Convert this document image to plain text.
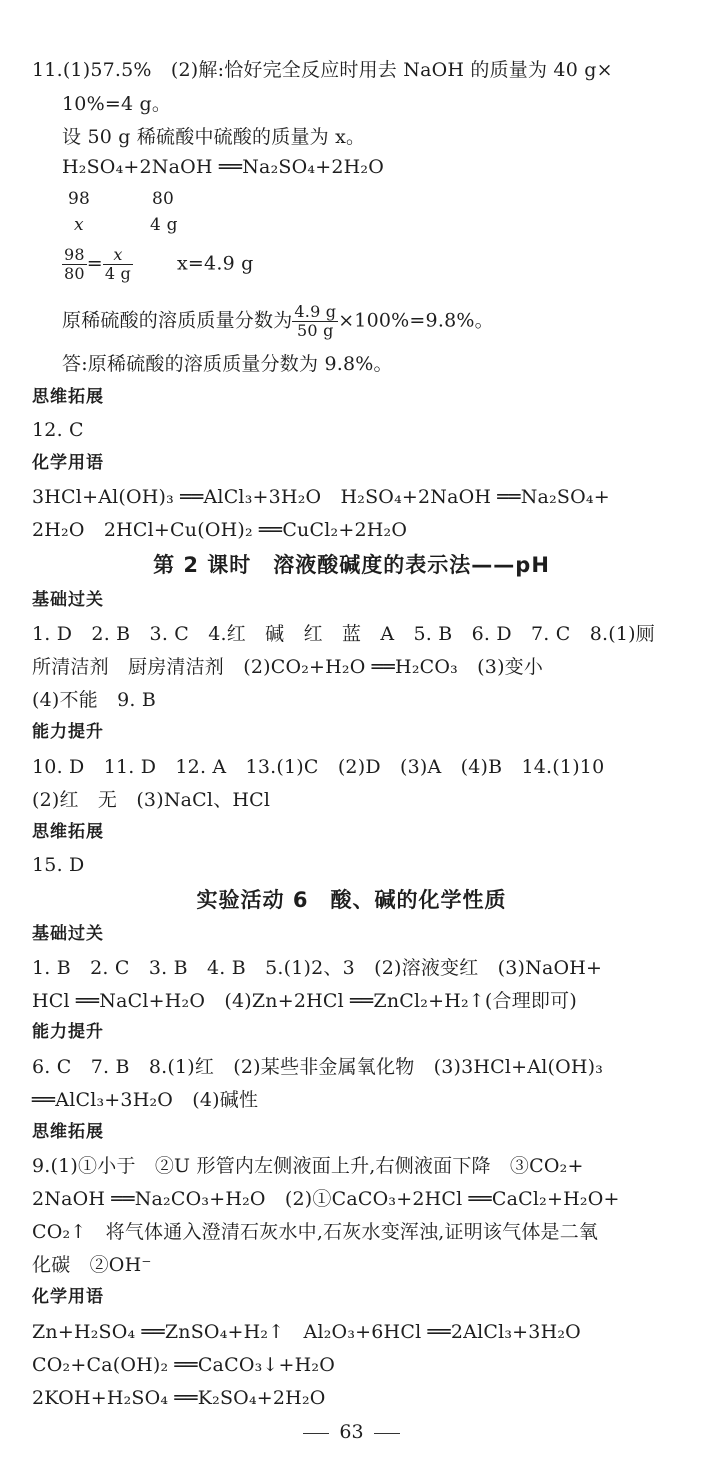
11.(1)57.5%　(2)解:恰好完全反应时用去 NaOH 的质量为 40 g×
10%=4 g。
设 50 g 稀硫酸中硫酸的质量为 x。
H₂SO₄+2NaOH ══Na₂SO₄+2H₂O
98	80
x	4 g
$\frac{98}{80} = \frac{x}{4 g} x=4.9$ g
原稀硫酸的溶质质量分数为 $\frac{4.9 g}{50 g} \times 100\%=9.8\%$。
答:原稀硫酸的溶质质量分数为 9.8%。
思维拓展
12. C
化学用语
3HCl+Al(OH)₃ ══AlCl₃+3H₂O　H₂SO₄+2NaOH ══Na₂SO₄+
2H₂O　2HCl+Cu(OH)₂ ══CuCl₂+2H₂O
第 2 课时　溶液酸碱度的表示法——pH
基础过关
1. D　2. B　3. C　4.红　碱　红　蓝　A　5. B　6. D　7. C　8.(1)厕
所清洁剂　厨房清洁剂　(2)CO₂+H₂O ══H₂CO₃　(3)变小
(4)不能　9. B
能力提升
10. D　11. D　12. A　13.(1)C　(2)D　(3)A　(4)B　14.(1)10
(2)红　无　(3)NaCl、HCl
思维拓展
15. D
实验活动 6　酸、碱的化学性质
基础过关
1. B　2. C　3. B　4. B　5.(1)2、3　(2)溶液变红　(3)NaOH+
HCl ══NaCl+H₂O　(4)Zn+2HCl ══ZnCl₂+H₂↑(合理即可)
能力提升
6. C　7. B　8.(1)红　(2)某些非金属氧化物　(3)3HCl+Al(OH)₃
══AlCl₃+3H₂O　(4)碱性
思维拓展
9.(1)①小于　②U 形管内左侧液面上升,右侧液面下降　③CO₂+
2NaOH ══Na₂CO₃+H₂O　(2)①CaCO₃+2HCl ══CaCl₂+H₂O+
CO₂↑　将气体通入澄清石灰水中,石灰水变浑浊,证明该气体是二氧
化碳　②OH⁻
化学用语
Zn+H₂SO₄ ══ZnSO₄+H₂↑　Al₂O₃+6HCl ══2AlCl₃+3H₂O
CO₂+Ca(OH)₂ ══CaCO₃↓+H₂O
2KOH+H₂SO₄ ══K₂SO₄+2H₂O
63
